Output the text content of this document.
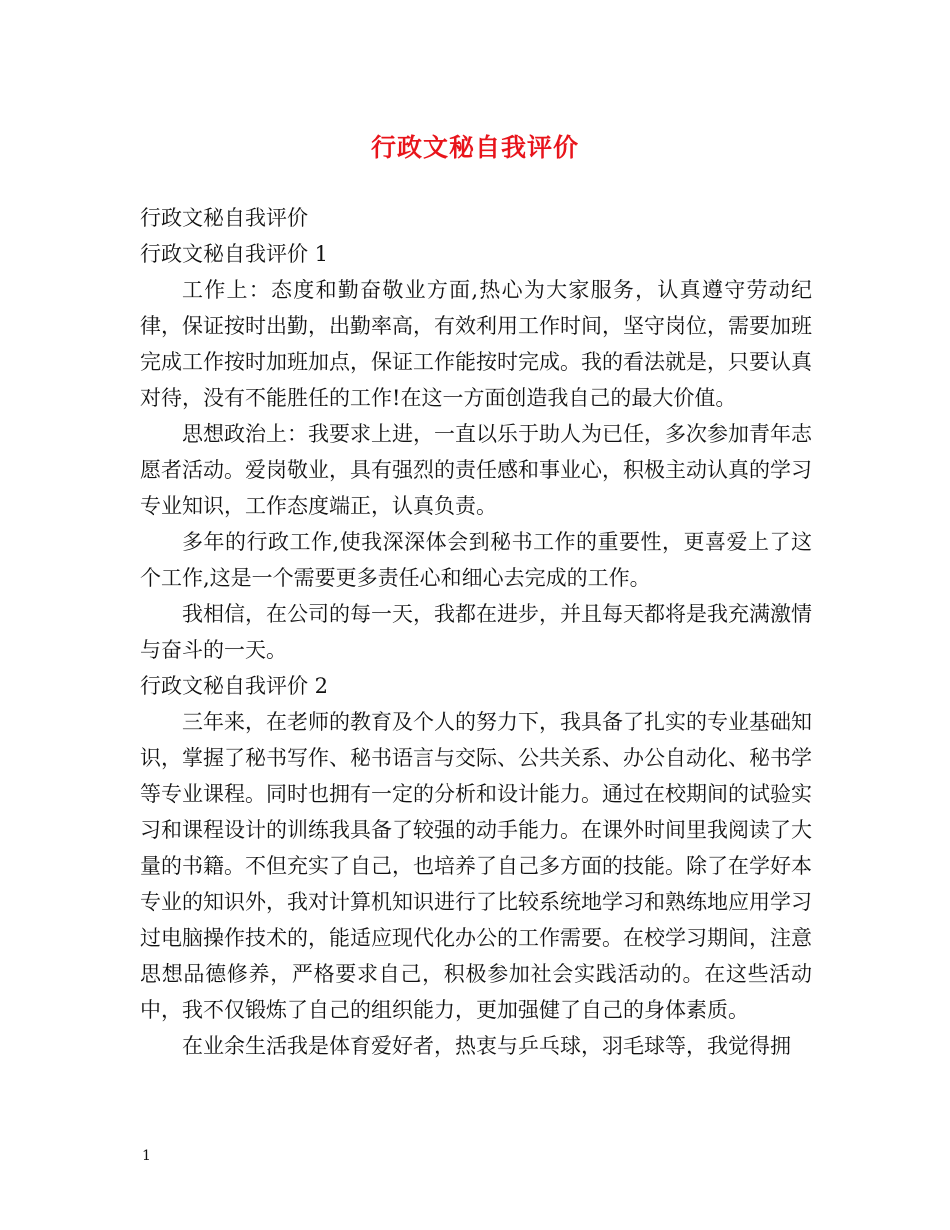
行政文秘自我评价

行政文秘自我评价

行政文秘自我评价 1

工作上：态度和勤奋敬业方面,热心为大家服务，认真遵守劳动纪律，保证按时出勤，出勤率高，有效利用工作时间，坚守岗位，需要加班完成工作按时加班加点，保证工作能按时完成。我的看法就是，只要认真对待，没有不能胜任的工作!在这一方面创造我自己的最大价值。

思想政治上：我要求上进，一直以乐于助人为已任，多次参加青年志愿者活动。爱岗敬业，具有强烈的责任感和事业心，积极主动认真的学习专业知识，工作态度端正，认真负责。

多年的行政工作,使我深深体会到秘书工作的重要性，更喜爱上了这个工作,这是一个需要更多责任心和细心去完成的工作。

我相信，在公司的每一天，我都在进步，并且每天都将是我充满激情与奋斗的一天。

行政文秘自我评价 2

三年来，在老师的教育及个人的努力下，我具备了扎实的专业基础知识，掌握了秘书写作、秘书语言与交际、公共关系、办公自动化、秘书学等专业课程。同时也拥有一定的分析和设计能力。通过在校期间的试验实习和课程设计的训练我具备了较强的动手能力。在课外时间里我阅读了大量的书籍。不但充实了自己，也培养了自己多方面的技能。除了在学好本专业的知识外，我对计算机知识进行了比较系统地学习和熟练地应用学习过电脑操作技术的，能适应现代化办公的工作需要。在校学习期间，注意思想品德修养，严格要求自己，积极参加社会实践活动的。在这些活动中，我不仅锻炼了自己的组织能力，更加强健了自己的身体素质。

在业余生活我是体育爱好者，热衷与乒乓球，羽毛球等，我觉得拥

1
